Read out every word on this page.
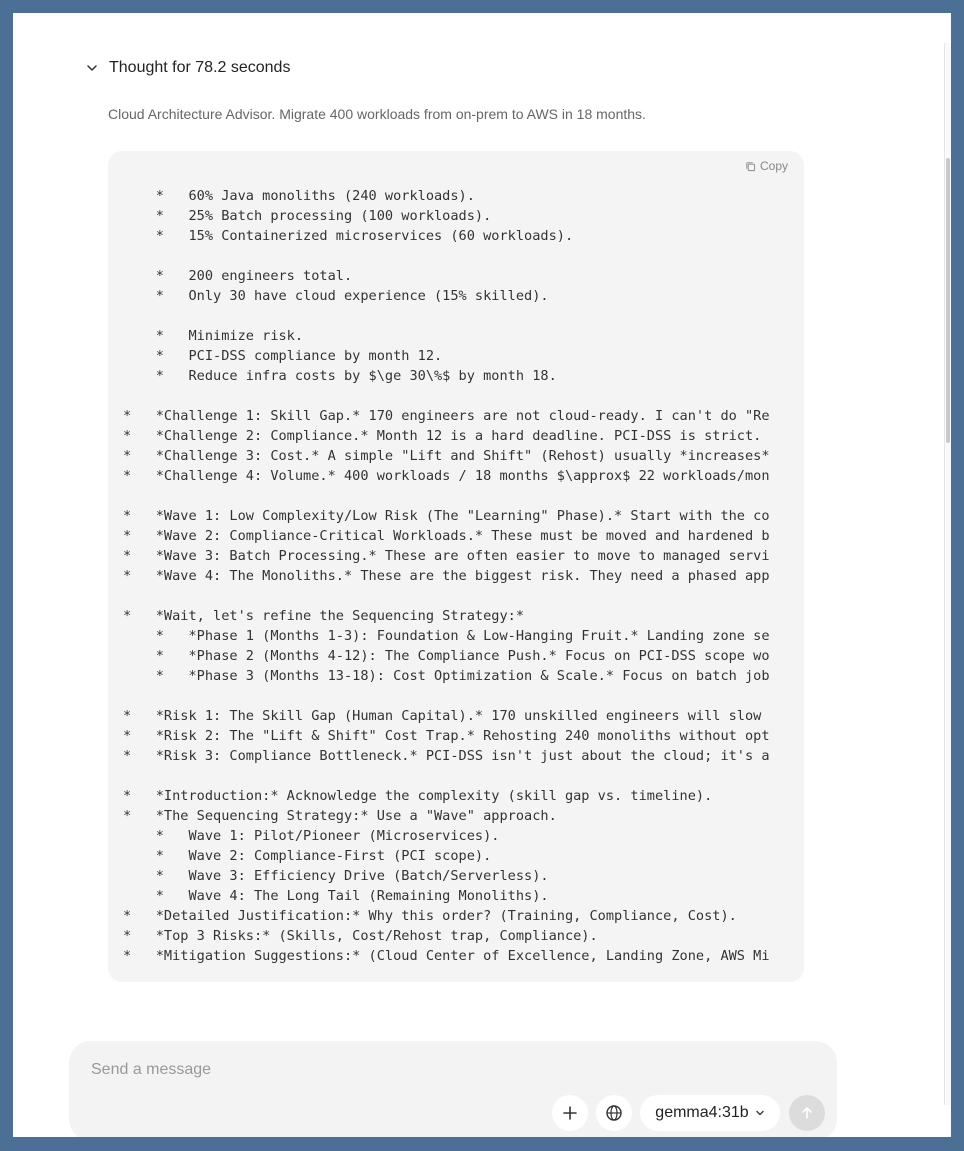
Thought for 78.2 seconds
Cloud Architecture Advisor. Migrate 400 workloads from on-prem to AWS in 18 months.
Copy
*   60% Java monoliths (240 workloads).
*   25% Batch processing (100 workloads).
*   15% Containerized microservices (60 workloads).
*   200 engineers total.
*   Only 30 have cloud experience (15% skilled).
*   Minimize risk.
*   PCI-DSS compliance by month 12.
*   Reduce infra costs by $\ge 30\%$ by month 18.
*   *Challenge 1: Skill Gap.* 170 engineers are not cloud-ready. I can't do "Re
*   *Challenge 2: Compliance.* Month 12 is a hard deadline. PCI-DSS is strict.
*   *Challenge 3: Cost.* A simple "Lift and Shift" (Rehost) usually *increases*
*   *Challenge 4: Volume.* 400 workloads / 18 months $\approx$ 22 workloads/mon
*   *Wave 1: Low Complexity/Low Risk (The "Learning" Phase).* Start with the co
*   *Wave 2: Compliance-Critical Workloads.* These must be moved and hardened b
*   *Wave 3: Batch Processing.* These are often easier to move to managed servi
*   *Wave 4: The Monoliths.* These are the biggest risk. They need a phased app
*   *Wait, let's refine the Sequencing Strategy:*
*   *Phase 1 (Months 1-3): Foundation & Low-Hanging Fruit.* Landing zone se
*   *Phase 2 (Months 4-12): The Compliance Push.* Focus on PCI-DSS scope wo
*   *Phase 3 (Months 13-18): Cost Optimization & Scale.* Focus on batch job
*   *Risk 1: The Skill Gap (Human Capital).* 170 unskilled engineers will slow
*   *Risk 2: The "Lift & Shift" Cost Trap.* Rehosting 240 monoliths without opt
*   *Risk 3: Compliance Bottleneck.* PCI-DSS isn't just about the cloud; it's a
*   *Introduction:* Acknowledge the complexity (skill gap vs. timeline).
*   *The Sequencing Strategy:* Use a "Wave" approach.
*   Wave 1: Pilot/Pioneer (Microservices).
*   Wave 2: Compliance-First (PCI scope).
*   Wave 3: Efficiency Drive (Batch/Serverless).
*   Wave 4: The Long Tail (Remaining Monoliths).
*   *Detailed Justification:* Why this order? (Training, Compliance, Cost).
*   *Top 3 Risks:* (Skills, Cost/Rehost trap, Compliance).
*   *Mitigation Suggestions:* (Cloud Center of Excellence, Landing Zone, AWS Mi
Send a message
gemma4:31b
